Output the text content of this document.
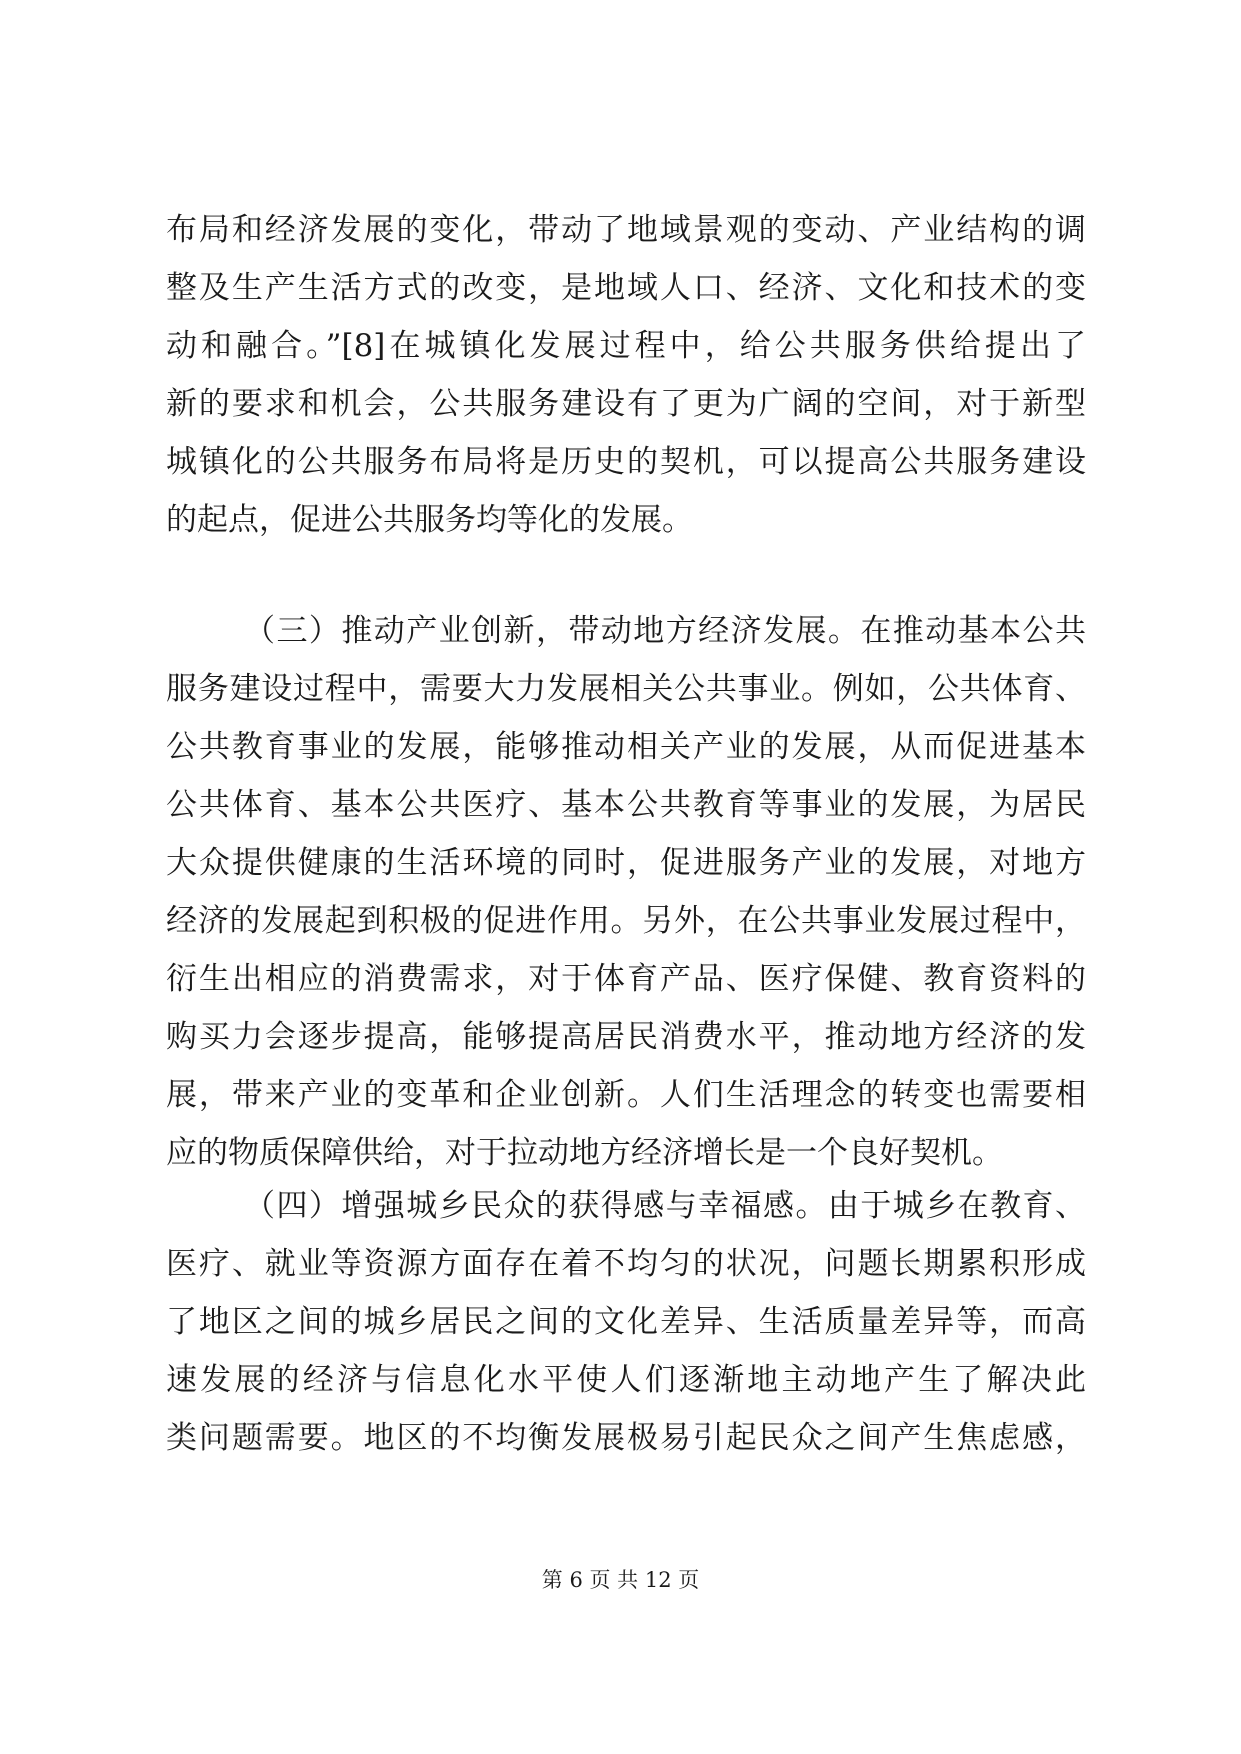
布局和经济发展的变化，带动了地域景观的变动、产业结构的调
整及生产生活方式的改变，是地域人口、经济、文化和技术的变
动和融合。”[8]在城镇化发展过程中，给公共服务供给提出了
新的要求和机会，公共服务建设有了更为广阔的空间，对于新型
城镇化的公共服务布局将是历史的契机，可以提高公共服务建设
的起点，促进公共服务均等化的发展。
（三）推动产业创新，带动地方经济发展。在推动基本公共
服务建设过程中，需要大力发展相关公共事业。例如，公共体育、
公共教育事业的发展，能够推动相关产业的发展，从而促进基本
公共体育、基本公共医疗、基本公共教育等事业的发展，为居民
大众提供健康的生活环境的同时，促进服务产业的发展，对地方
经济的发展起到积极的促进作用。另外，在公共事业发展过程中，
衍生出相应的消费需求，对于体育产品、医疗保健、教育资料的
购买力会逐步提高，能够提高居民消费水平，推动地方经济的发
展，带来产业的变革和企业创新。人们生活理念的转变也需要相
应的物质保障供给，对于拉动地方经济增长是一个良好契机。
（四）增强城乡民众的获得感与幸福感。由于城乡在教育、
医疗、就业等资源方面存在着不均匀的状况，问题长期累积形成
了地区之间的城乡居民之间的文化差异、生活质量差异等，而高
速发展的经济与信息化水平使人们逐渐地主动地产生了解决此
类问题需要。地区的不均衡发展极易引起民众之间产生焦虑感，
第 6 页 共 12 页
